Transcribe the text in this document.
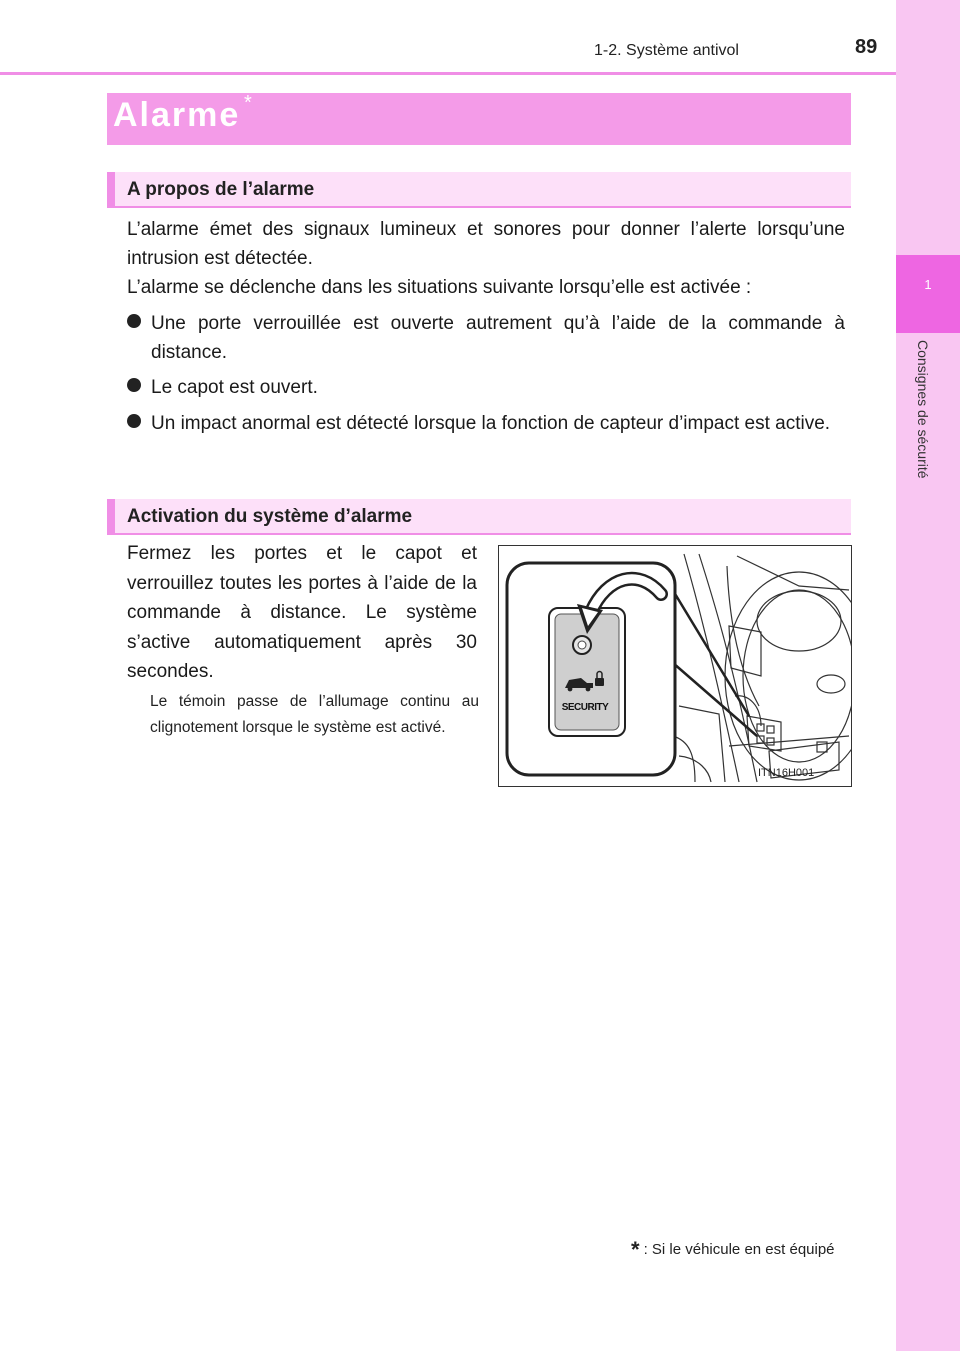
1
Consignes de sécurité
1-2. Système antivol	89
Alarme *
A propos de l’alarme
L’alarme émet des signaux lumineux et sonores pour donner l’alerte lorsqu’une intrusion est détectée.
L’alarme se déclenche dans les situations suivante lorsqu’elle est activée :
Une porte verrouillée est ouverte autrement qu’à l’aide de la commande à distance.
Le capot est ouvert.
Un impact anormal est détecté lorsque la fonction de capteur d’impact est active.
Activation du système d’alarme
Fermez les portes et le capot et verrouillez toutes les portes à l’aide de la commande à distance. Le système s’active automatiquement après 30 secondes.
Le témoin passe de l’allumage continu au clignotement lorsque le système est activé.
SECURITY
ITN16H001
* : Si le véhicule en est équipé
